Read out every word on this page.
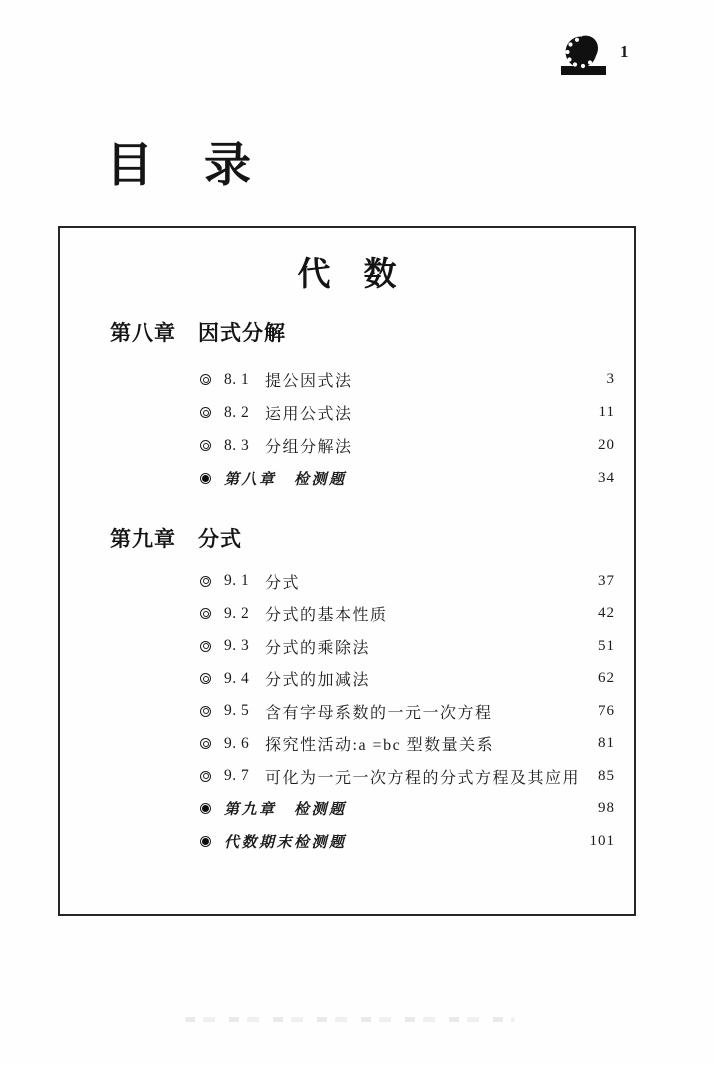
1
目　录
代　数
第八章　因式分解
8. 1 提公因式法	3
8. 2 运用公式法	11
8. 3 分组分解法	20
第八章　检测题	34
第九章　分式
9. 1 分式	37
9. 2 分式的基本性质	42
9. 3 分式的乘除法	51
9. 4 分式的加减法	62
9. 5 含有字母系数的一元一次方程	76
9. 6 探究性活动:a =bc 型数量关系	81
9. 7 可化为一元一次方程的分式方程及其应用	85
第九章　检测题	98
代数期末检测题	101
